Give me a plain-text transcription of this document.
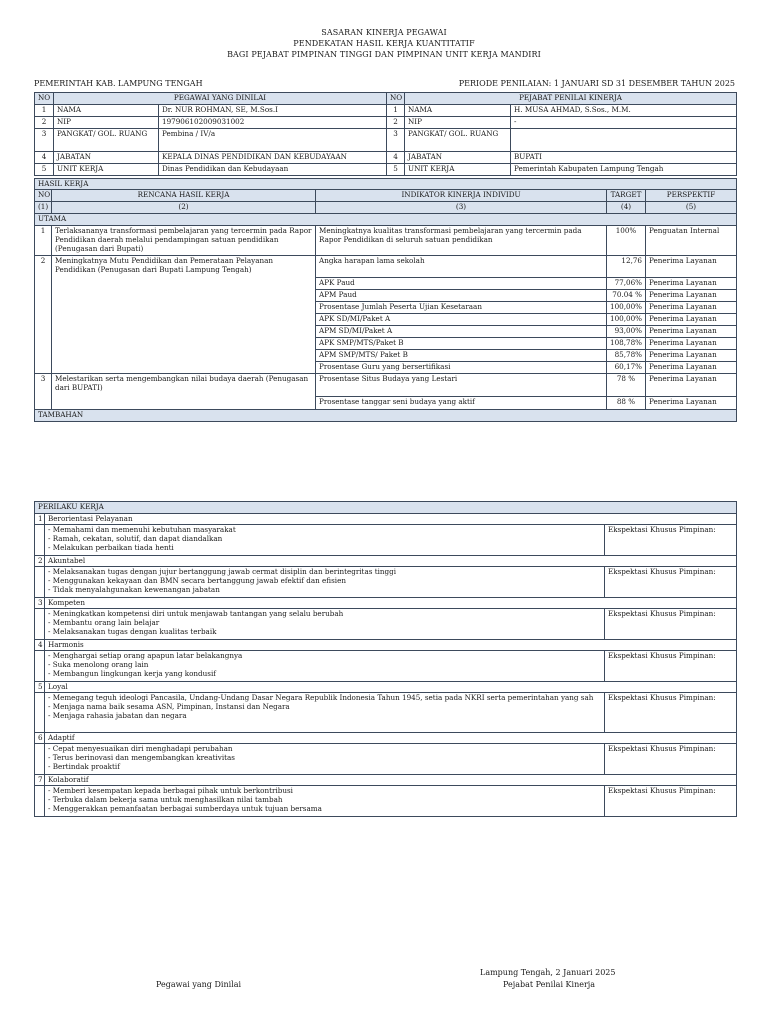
SASARAN KINERJA PEGAWAI
PENDEKATAN HASIL KERJA KUANTITATIF
BAGI PEJABAT PIMPINAN TINGGI DAN PIMPINAN UNIT KERJA MANDIRI
PEMERINTAH KAB. LAMPUNG TENGAH	PERIODE PENILAIAN: 1 JANUARI SD 31 DESEMBER TAHUN 2025
NO	PEGAWAI YANG DINILAI		NO	PEJABAT PENILAI KINERJA	
1	NAMA	Dr. NUR ROHMAN, SE, M.Sos.I	1	NAMA	H. MUSA AHMAD, S.Sos., M.M.
2	NIP	197906102009031002	2	NIP	-
3	PANGKAT/ GOL. RUANG	Pembina / IV/a	3	PANGKAT/ GOL. RUANG	
4	JABATAN	KEPALA DINAS PENDIDIKAN DAN KEBUDAYAAN	4	JABATAN	BUPATI
5	UNIT KERJA	Dinas Pendidikan dan Kebudayaan	5	UNIT KERJA	Pemerintah Kabupaten Lampung Tengah
HASIL KERJA				
NO	RENCANA HASIL KERJA	INDIKATOR KINERJA INDIVIDU	TARGET	PERSPEKTIF
(1)	(2)	(3)	(4)	(5)
UTAMA				
1	Terlaksananya transformasi pembelajaran yang tercermin pada Rapor Pendidikan daerah melalui pendampingan satuan pendidikan (Penugasan dari Bupati)	Meningkatnya kualitas transformasi pembelajaran yang tercermin pada Rapor Pendidikan di seluruh satuan pendidikan	100%	Penguatan Internal
2	Meningkatnya Mutu Pendidikan dan Pemerataan Pelayanan Pendidikan (Penugasan dari Bupati Lampung Tengah)	Angka harapan lama sekolah	12,76	Penerima Layanan
		APK Paud	77,06%	Penerima Layanan
		APM Paud	70.04 %	Penerima Layanan
		Prosentase Jumlah Peserta Ujian Kesetaraan	100,00%	Penerima Layanan
		APK SD/MI/Paket A	100,00%	Penerima Layanan
		APM SD/MI/Paket A	93,00%	Penerima Layanan
		APK SMP/MTS/Paket B	108,78%	Penerima Layanan
		APM SMP/MTS/ Paket B	85,78%	Penerima Layanan
		Prosentase Guru yang bersertifikasi	60,17%	Penerima Layanan
3	Melestarikan serta mengembangkan nilai budaya daerah (Penugasan dari BUPATI)	Prosentase Situs Budaya yang Lestari	78 %	Penerima Layanan
		Prosentase tanggar seni budaya yang aktif	88 %	Penerima Layanan
TAMBAHAN				
PERILAKU KERJA		
1	Berorientasi Pelayanan	

	- Memahami dan memenuhi kebutuhan masyarakat
- Ramah, cekatan, solutif, dan dapat diandalkan
- Melakukan perbaikan tiada henti	Ekspektasi Khusus Pimpinan:
2	Akuntabel	

	- Melaksanakan tugas dengan jujur bertanggung jawab cermat disiplin dan berintegritas tinggi
- Menggunakan kekayaan dan BMN secara bertanggung jawab efektif dan efisien
- Tidak menyalahgunakan kewenangan jabatan	Ekspektasi Khusus Pimpinan:
3	Kompeten	

	- Meningkatkan kompetensi diri untuk menjawab tantangan yang selalu berubah
- Membantu orang lain belajar
- Melaksanakan tugas dengan kualitas terbaik	Ekspektasi Khusus Pimpinan:
4	Harmonis	

	- Menghargai setiap orang apapun latar belakangnya
- Suka menolong orang lain
- Membangun lingkungan kerja yang kondusif	Ekspektasi Khusus Pimpinan:
5	Loyal	

	- Memegang teguh ideologi Pancasila, Undang-Undang Dasar Negara Republik Indonesia Tahun 1945, setia pada NKRI serta pemerintahan yang sah
- Menjaga nama baik sesama ASN, Pimpinan, Instansi dan Negara
- Menjaga rahasia jabatan dan negara	Ekspektasi Khusus Pimpinan:
6	Adaptif	

	- Cepat menyesuaikan diri menghadapi perubahan
- Terus berinovasi dan mengembangkan kreativitas
- Bertindak proaktif	Ekspektasi Khusus Pimpinan:
7	Kolaboratif	

	- Memberi kesempatan kepada berbagai pihak untuk berkontribusi
- Terbuka dalam bekerja sama untuk menghasilkan nilai tambah
- Menggerakkan pemanfaatan berbagai sumberdaya untuk tujuan bersama	Ekspektasi Khusus Pimpinan:
Lampung Tengah, 2 Januari 2025
Pegawai yang Dinilai	Pejabat Penilai Kinerja
